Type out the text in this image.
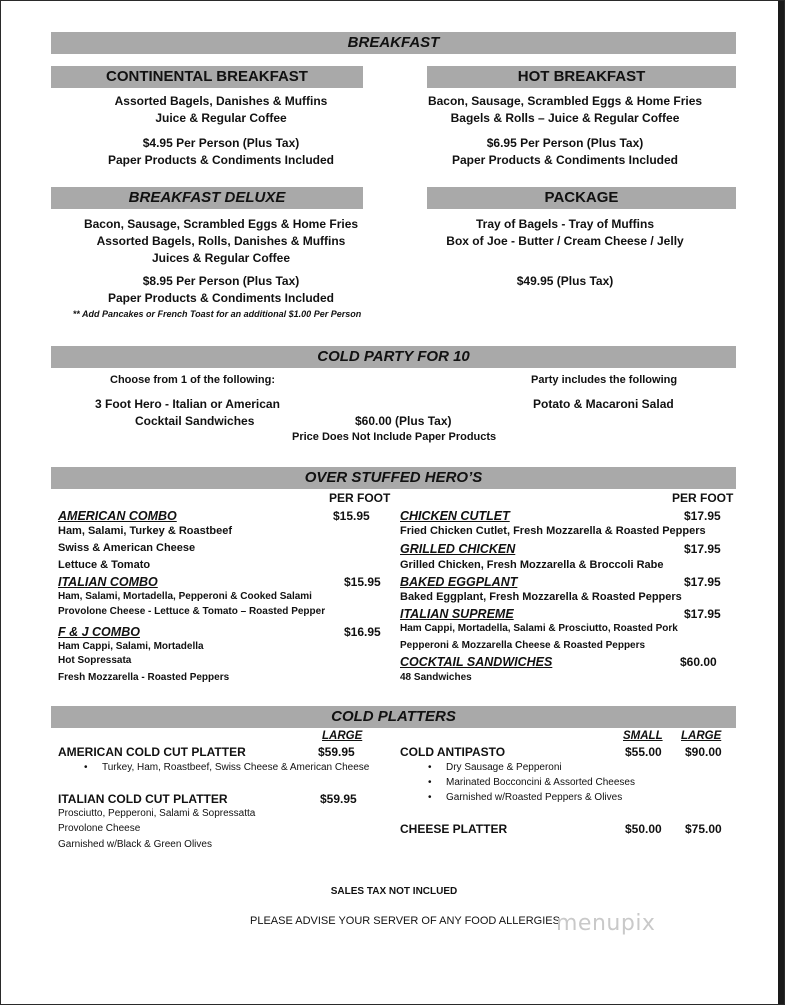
BREAKFAST
CONTINENTAL BREAKFAST	HOT BREAKFAST
Assorted Bagels, Danishes & Muffins
Juice & Regular Coffee
$4.95 Per Person (Plus Tax)
Paper Products & Condiments Included
Bacon, Sausage, Scrambled Eggs & Home Fries
Bagels & Rolls – Juice & Regular Coffee
$6.95 Per Person (Plus Tax)
Paper Products & Condiments Included
BREAKFAST DELUXE	PACKAGE
Bacon, Sausage, Scrambled Eggs & Home Fries
Assorted Bagels, Rolls, Danishes & Muffins
Juices & Regular Coffee
$8.95 Per Person (Plus Tax)
Paper Products & Condiments Included
** Add Pancakes or French Toast for an additional $1.00 Per Person
Tray of Bagels - Tray of Muffins
Box of Joe - Butter / Cream Cheese / Jelly
$49.95 (Plus Tax)
COLD PARTY FOR 10
Choose from 1 of the following:
3 Foot Hero - Italian or American
Cocktail Sandwiches	$60.00 (Plus Tax)
Price Does Not Include Paper Products
Party includes the following
Potato & Macaroni Salad
OVER STUFFED HERO’S
PER FOOT	PER FOOT
AMERICAN COMBO	$15.95
Ham, Salami, Turkey & Roastbeef
Swiss & American Cheese
Lettuce & Tomato
ITALIAN COMBO	$15.95
Ham, Salami, Mortadella, Pepperoni & Cooked Salami
Provolone Cheese - Lettuce & Tomato – Roasted Pepper
F & J COMBO	$16.95
Ham Cappi, Salami, Mortadella
Hot Sopressata
Fresh Mozzarella - Roasted Peppers
CHICKEN CUTLET	$17.95
Fried Chicken Cutlet, Fresh Mozzarella & Roasted Peppers
GRILLED CHICKEN	$17.95
Grilled Chicken, Fresh Mozzarella & Broccoli Rabe
BAKED EGGPLANT	$17.95
Baked Eggplant, Fresh Mozzarella & Roasted Peppers
ITALIAN SUPREME	$17.95
Ham Cappi, Mortadella, Salami & Prosciutto, Roasted Pork
Pepperoni & Mozzarella Cheese & Roasted Peppers
COCKTAIL SANDWICHES	$60.00
48 Sandwiches
COLD PLATTERS
LARGE	SMALL LARGE
AMERICAN COLD CUT PLATTER	$59.95
• Turkey, Ham, Roastbeef, Swiss Cheese & American Cheese
ITALIAN COLD CUT PLATTER	$59.95
Prosciutto, Pepperoni, Salami & Sopressatta
Provolone Cheese
Garnished w/Black & Green Olives
COLD ANTIPASTO	$55.00 $90.00
• Dry Sausage & Pepperoni
• Marinated Bocconcini & Assorted Cheeses
• Garnished w/Roasted Peppers & Olives
CHEESE PLATTER	$50.00 $75.00
SALES TAX NOT INCLUED
PLEASE ADVISE YOUR SERVER OF ANY FOOD ALLERGIES
menupix
